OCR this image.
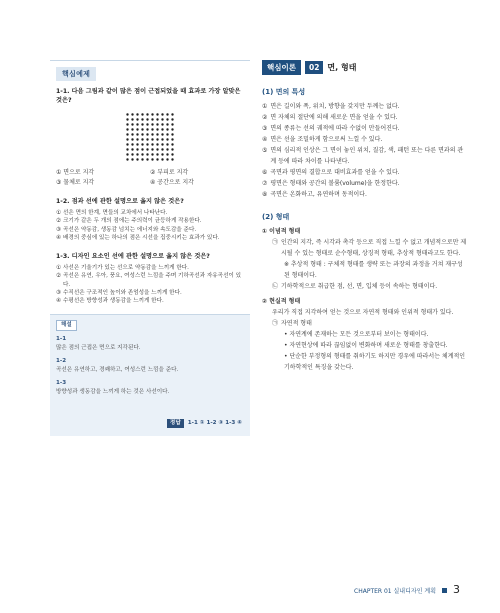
핵심예제
1-1. 다음 그림과 같이 많은 점이 근접되었을 때 효과로 가장 알맞은 것은?
① 면으로 지각	② 부피로 지각
③ 물체로 지각	④ 공간으로 지각
1-2. 점과 선에 관한 설명으로 옳지 않은 것은?
① 선은 면의 한계, 면들의 교차에서 나타난다.
② 크기가 같은 두 개의 점에는 주의력이 균등하게 작용한다.
③ 곡선은 약동감, 생동감 넘치는 에너지와 속도감을 준다.
④ 배경의 중심에 있는 하나의 점은 시선을 집중시키는 효과가 있다.
1-3. 디자인 요소인 선에 관한 설명으로 옳지 않은 것은?
① 사선은 기울기가 있는 선으로 약동감을 느끼게 한다.
② 곡선은 유연, 우아, 풍요, 여성스런 느낌을 주며 기하곡선과 자유곡선이 있다.
③ 수직선은 구조적인 높이와 존엄성을 느끼게 한다.
④ 수평선은 방향성과 생동감을 느끼게 한다.
해설
1-1
많은 점의 근접은 면으로 지각된다.
1-2
곡선은 유연하고, 경쾌하고, 여성스런 느낌을 준다.
1-3
방향성과 생동감을 느끼게 하는 것은 사선이다.
정답	1-1 ① 1-2 ③ 1-3 ④
핵심이론	02	면, 형태
(1) 면의 특성
① 면은 길이와 폭, 위치, 방향을 갖지만 두께는 없다.
② 면 자체의 절단에 의해 새로운 면을 얻을 수 있다.
③ 면의 종류는 선의 궤적에 따라 수없이 만들어진다.
④ 면은 선을 조밀하게 함으로써 느낄 수 있다.
⑤ 면의 심리적 인상은 그 면이 놓인 위치, 질감, 색, 패턴 또는 다른 면과의 관계 등에 따라 차이를 나타낸다.
⑥ 곡면과 평면의 결합으로 대비효과를 얻을 수 있다.
⑦ 평면은 형태와 공간의 볼륨(volume)을 한정한다.
⑧ 곡면은 온화하고, 유연하며 동적이다.
(2) 형태
① 이념적 형태
㉠ 인간의 지각, 즉 시각과 촉각 등으로 직접 느낄 수 없고 개념적으로만 제시될 수 있는 형태로 순수형태, 상징적 형태, 추상적 형태라고도 한다.
※ 추상적 형태 : 구체적 형태를 생략 또는 과장의 과정을 거쳐 재구성된 형태이다.
㉡ 기하학적으로 취급한 점, 선, 면, 입체 등이 속하는 형태이다.
② 현실적 형태
우리가 직접 지각하여 얻는 것으로 자연적 형태와 인위적 형태가 있다.
㉠ 자연적 형태
• 자연계에 존재하는 모든 것으로부터 보이는 형태이다.
• 자연현상에 따라 끊임없이 변화하며 새로운 형태를 창출한다.
• 단순한 부정형의 형태를 취하기도 하지만 경우에 따라서는 체계적인 기하학적인 특징을 갖는다.
CHAPTER 01 실내디자인 계획 3
